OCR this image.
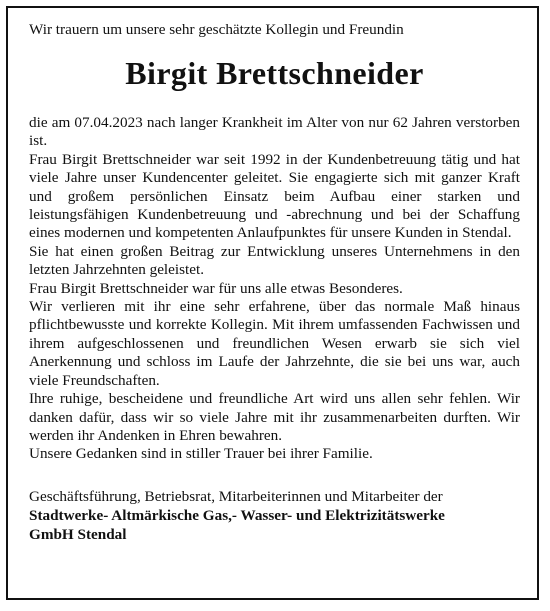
Wir trauern um unsere sehr geschätzte Kollegin und Freundin

Birgit Brettschneider

die am 07.04.2023 nach langer Krankheit im Alter von nur 62 Jahren verstorben ist.

Frau Birgit Brettschneider war seit 1992 in der Kundenbetreuung tätig und hat viele Jahre unser Kundencenter geleitet. Sie engagierte sich mit ganzer Kraft und großem persönlichen Einsatz beim Aufbau einer starken und leistungsfähigen Kundenbetreuung und -abrechnung und bei der Schaffung eines modernen und kompetenten Anlaufpunktes für unsere Kunden in Stendal.

Sie hat einen großen Beitrag zur Entwicklung unseres Unternehmens in den letzten Jahrzehnten geleistet.

Frau Birgit Brettschneider war für uns alle etwas Besonderes.

Wir verlieren mit ihr eine sehr erfahrene, über das normale Maß hinaus pflichtbewusste und korrekte Kollegin. Mit ihrem umfassenden Fachwissen und ihrem aufgeschlossenen und freundlichen Wesen erwarb sie sich viel Anerkennung und schloss im Laufe der Jahrzehnte, die sie bei uns war, auch viele Freundschaften.

Ihre ruhige, bescheidene und freundliche Art wird uns allen sehr fehlen. Wir danken dafür, dass wir so viele Jahre mit ihr zusammenarbeiten durften. Wir werden ihr Andenken in Ehren bewahren.

Unsere Gedanken sind in stiller Trauer bei ihrer Familie.

Geschäftsführung, Betriebsrat, Mitarbeiterinnen und Mitarbeiter der
Stadtwerke- Altmärkische Gas,- Wasser- und Elektrizitätswerke
GmbH Stendal
